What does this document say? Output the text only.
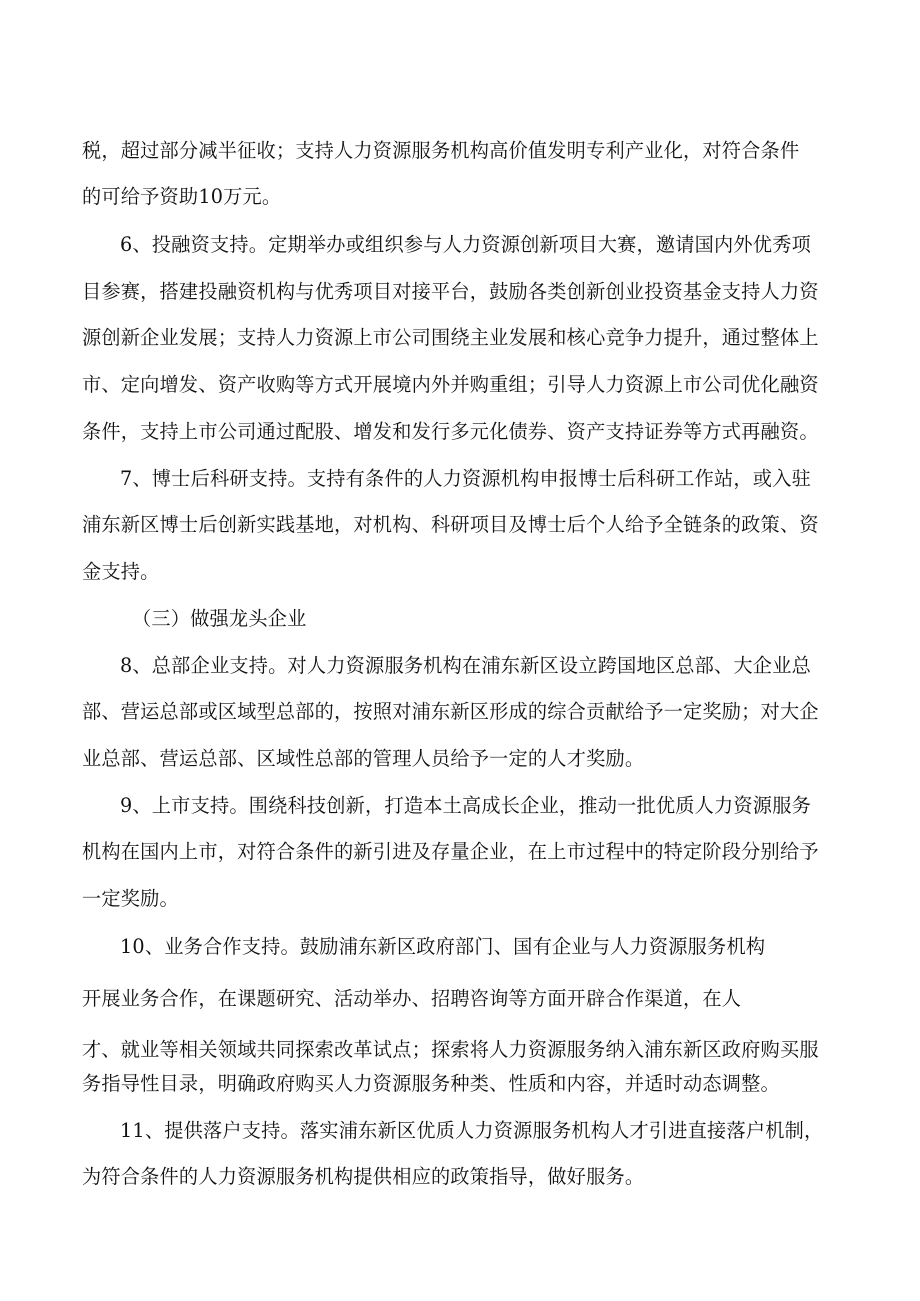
税，超过部分减半征收；支持人力资源服务机构高价值发明专利产业化，对符合条件
的可给予资助10万元。
6、投融资支持。定期举办或组织参与人力资源创新项目大赛，邀请国内外优秀项
目参赛，搭建投融资机构与优秀项目对接平台，鼓励各类创新创业投资基金支持人力资
源创新企业发展；支持人力资源上市公司围绕主业发展和核心竞争力提升，通过整体上
市、定向增发、资产收购等方式开展境内外并购重组；引导人力资源上市公司优化融资
条件，支持上市公司通过配股、增发和发行多元化债券、资产支持证券等方式再融资。
7、博士后科研支持。支持有条件的人力资源机构申报博士后科研工作站，或入驻
浦东新区博士后创新实践基地，对机构、科研项目及博士后个人给予全链条的政策、资
金支持。
（三）做强龙头企业
8、总部企业支持。对人力资源服务机构在浦东新区设立跨国地区总部、大企业总
部、营运总部或区域型总部的，按照对浦东新区形成的综合贡献给予一定奖励；对大企
业总部、营运总部、区域性总部的管理人员给予一定的人才奖励。
9、上市支持。围绕科技创新，打造本土高成长企业，推动一批优质人力资源服务
机构在国内上市，对符合条件的新引进及存量企业，在上市过程中的特定阶段分别给予
一定奖励。
10、业务合作支持。鼓励浦东新区政府部门、国有企业与人力资源服务机构
开展业务合作，在课题研究、活动举办、招聘咨询等方面开辟合作渠道，在人
才、就业等相关领域共同探索改革试点；探索将人力资源服务纳入浦东新区政府购买服
务指导性目录，明确政府购买人力资源服务种类、性质和内容，并适时动态调整。
11、提供落户支持。落实浦东新区优质人力资源服务机构人才引进直接落户机制，
为符合条件的人力资源服务机构提供相应的政策指导，做好服务。
